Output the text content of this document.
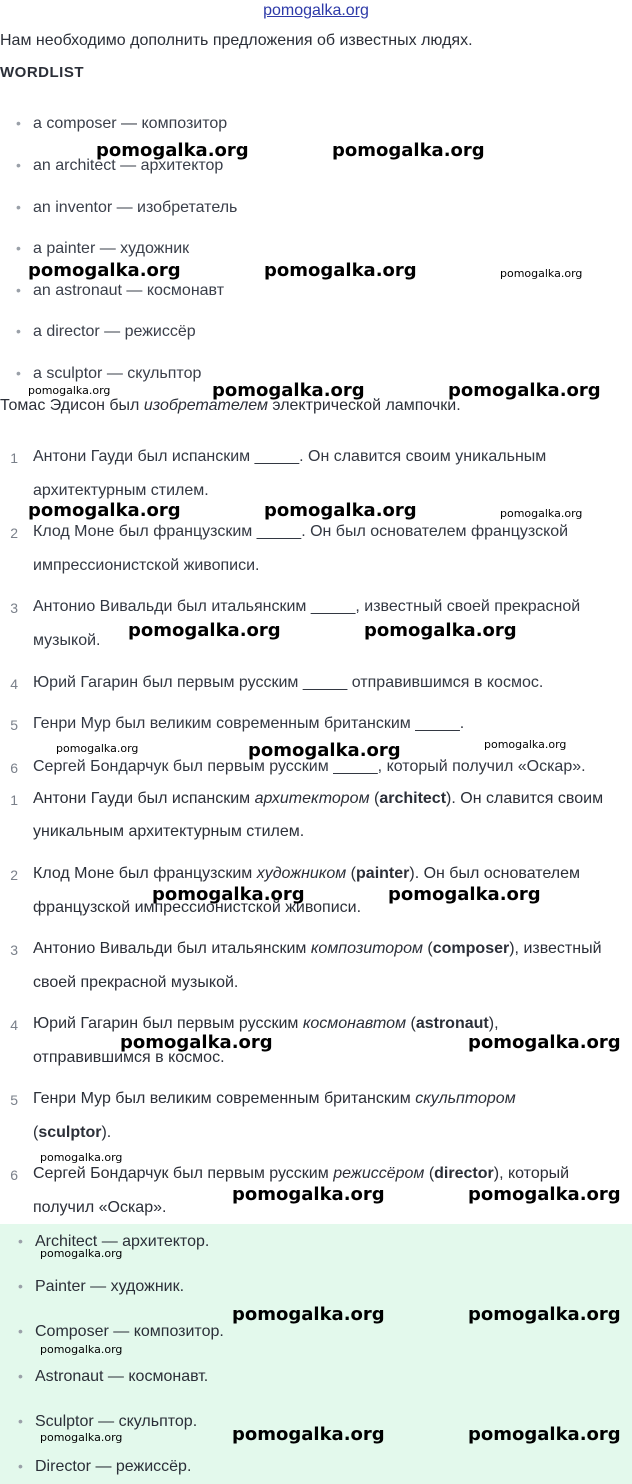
pomogalka.org
Нам необходимо дополнить предложения об известных людях.
WORDLIST
• a composer — композитор
• an architect — архитектор
• an inventor — изобретатель
• a painter — художник
• an astronaut — космонавт
• a director — режиссёр
• a sculptor — скульптор
Томас Эдисон был изобретателем электрической лампочки.
1 Антони Гауди был испанским _____. Он славится своим уникальным
архитектурным стилем.
2 Клод Моне был французским _____. Он был основателем французской
импрессионистской живописи.
3 Антонио Вивальди был итальянским _____, известный своей прекрасной
музыкой.
4 Юрий Гагарин был первым русским _____ отправившимся в космос.
5 Генри Мур был великим современным британским _____.
6 Сергей Бондарчук был первым русским _____, который получил «Оскар».
1 Антони Гауди был испанским архитектором (architect). Он славится своим
уникальным архитектурным стилем.
2 Клод Моне был французским художником (painter). Он был основателем
французской импрессионистской живописи.
3 Антонио Вивальди был итальянским композитором (composer), известный
своей прекрасной музыкой.
4 Юрий Гагарин был первым русским космонавтом (astronaut),
отправившимся в космос.
5 Генри Мур был великим современным британским скульптором
(sculptor).
6 Сергей Бондарчук был первым русским режиссёром (director), который
получил «Оскар».
• Architect — архитектор.
• Painter — художник.
• Composer — композитор.
• Astronaut — космонавт.
• Sculptor — скульптор.
• Director — режиссёр.
pomogalka.org	pomogalka.org
pomogalka.org	pomogalka.org	pomogalka.org
pomogalka.org	pomogalka.org	pomogalka.org
pomogalka.org	pomogalka.org	pomogalka.org
pomogalka.org	pomogalka.org
pomogalka.org	pomogalka.org	pomogalka.org
pomogalka.org	pomogalka.org
pomogalka.org	pomogalka.org
pomogalka.org
pomogalka.org	pomogalka.org
pomogalka.org
pomogalka.org	pomogalka.org
pomogalka.org
pomogalka.org	pomogalka.org	pomogalka.org
